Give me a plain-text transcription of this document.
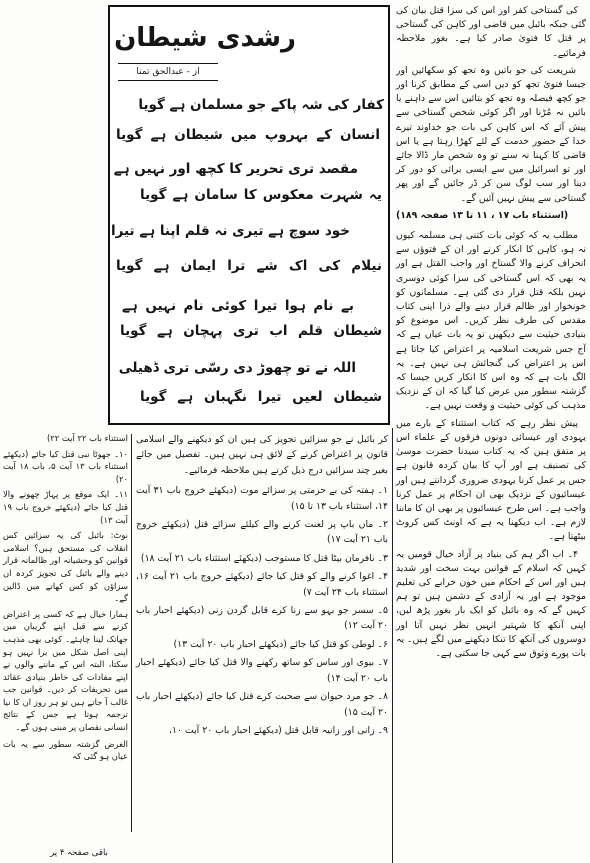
کی گستاخی کفر اور اس کی سزا قتل بیان کی گئی جبکہ بائبل میں قاضی اور کاہن کی گستاخی پر قتل کا فتویٰ صادر کیا ہے۔ بغور ملاحظہ فرمائیے۔

شریعت کی جو باتیں وہ تجھ کو سکھائیں اور جیسا فتویٰ تجھ کو دیں اسی کے مطابق کرنا اور جو کچھ فیصلہ وہ تجھ کو بتائیں اس سے داہنے یا بائیں نہ مُڑنا اور اگر کوئی شخص گستاخی سے پیش آئے کہ اس کاہن کی بات جو خداوند تیرے خدا کے حضور خدمت کے لئے کھڑا رہتا ہے یا اس قاضی کا کہنا نہ سنے تو وہ شخص مار ڈالا جائے اور تو اسرائیل میں سے ایسی برائی کو دور کر دینا اور سب لوگ سن کر ڈر جائیں گے اور پھر گستاخی سے پیش نہیں آئیں گے۔

(استثناء باب ۱۷ ، ۱۱ تا ۱۳ صفحہ ۱۸۹)

مطلب یہ کہ کوئی بات کتنی ہی مسلمہ کیوں نہ ہو، کاہن کا انکار کرنے اور ان کے فتوؤں سے انحراف کرنے والا گستاخ اور واجب القتل ہے اور یہ بھی کہ اس گستاخی کی سزا کوئی دوسری نہیں بلکہ قتل قرار دی گئی ہے۔ مسلمانوں کو خونخوار اور ظالم قرار دینے والے ذرا اپنی کتاب مقدس کی طرف نظر کریں۔ اس موضوع کو بنیادی حیثیت سے دیکھیں تو یہ بات عیاں ہے کہ آج جس شریعت اسلامیہ پر اعتراض کیا جاتا ہے اس پر اعتراض کی گنجائش ہی نہیں ہے۔ یہ الگ بات ہے کہ وہ اس کا انکار کریں جیسا کہ گزشتہ سطور میں عرض کیا گیا کہ ان کے نزدیک مذہب کی کوئی حیثیت و وقعت نہیں ہے۔

پیش نظر رہے کہ کتاب استثناء کے بارے میں یہودی اور عیسائی دونوں فرقوں کے علماء اس پر متفق ہیں کہ یہ کتاب سیدنا حضرت موسیٰ کی تصنیف ہے اور آپ کا بیان کردہ قانون ہے جس پر عمل کرنا یہودی ضروری گردانتے ہیں اور عیسائیوں کے نزدیک بھی ان احکام پر عمل کرنا واجب ہے۔ اس طرح عیسائیوں پر بھی ان کا ماننا لازم ہے۔ اب دیکھنا یہ ہے کہ اونٹ کس کروٹ بیٹھتا ہے۔

۴۔ اب اگر ہم کی بنیاد پر آزاد خیال قومیں یہ کہیں کہ اسلام کے قوانین بہت سخت اور شدید ہیں اور اس کے احکام میں خون خرابے کی تعلیم موجود ہے اور یہ آزادی کے دشمن ہیں تو ہم کہیں گے کہ وہ بائبل کو ایک بار بغور پڑھ لیں، اپنی آنکھ کا شہتیر انہیں نظر نہیں آتا اور دوسروں کی آنکھ کا تنکا دیکھنے میں لگے ہیں۔ یہ بات پورے وثوق سے کہی جا سکتی ہے۔

رشدی شیطان
از - عبدالحق تمنا
کفار کی شہ پاکے جو مسلمان ہے گویا
انسان کے بہروپ میں شیطان ہے گویا
مقصد تری تحریر کا کچھ اور نہیں ہے
یہ شہرت معکوس کا سامان ہے گویا
خود سوچ ہے تیری نہ قلم اپنا ہے تیرا
نیلام کی اک شے ترا ایمان ہے گویا
بے نام ہوا تیرا کوئی نام نہیں ہے
شیطان قلم اب تری پہچان ہے گویا
اللہ نے تو چھوڑ دی رسّی تری ڈھیلی
شیطان لعیں تیرا نگہبان ہے گویا

کر بائبل نے جو سزائیں تجویز کی ہیں ان کو دیکھنے والے اسلامی قانون پر اعتراض کرنے کے لائق ہی نہیں ہیں۔ تفصیل میں جائے بغیر چند سزائیں درج ذیل کرتے ہیں ملاحظہ فرمائیے۔

۱۔ ہفتہ کی بے حرمتی پر سزائے موت (دیکھئے خروج باب ۳۱ آیت ۱۴، استثناء باب ۱۳ تا ۱۵)

۲۔ ماں باپ پر لعنت کرنے والے کیلئے سزائے قتل (دیکھئے خروج باب ۲۱ آیت ۱۷)

۳۔ نافرمان بیٹا قتل کا مستوجب (دیکھئے استثناء باب ۲۱ آیت ۱۸)

۴۔ اغوا کرنے والے کو قتل کیا جائے (دیکھئے خروج باب ۲۱ آیت ۱۶، استثناء باب ۲۴ آیت ۷)

۵۔ سسر جو بہو سے زنا کرے قابل گردن زنی (دیکھئے احبار باب ۲۰ آیت ۱۲)

۶۔ لوطی کو قتل کیا جائے (دیکھئے احبار باب ۲۰ آیت ۱۳)

۷۔ بیوی اور ساس کو ساتھ رکھنے والا قتل کیا جائے (دیکھئے احبار باب ۲۰ آیت ۱۴)

۸۔ جو مرد حیوان سے صحبت کرے قتل کیا جائے (دیکھئے احبار باب ۲۰ آیت ۱۵)

۹۔ زانی اور زانیہ قابل قتل (دیکھئے احبار باب ۲۰ آیت ۱۰،

استثناء باب ۲۲ آیت ۲۲)

۱۰۔ جھوٹا نبی قتل کیا جائے (دیکھئے استثناء باب ۱۳ آیت ۵، باب ۱۸ آیت ۲۰)

۱۱۔ ایک موقع پر پہاڑ چھونے والا قتل کیا جائے (دیکھئے خروج باب ۱۹ آیت ۱۳)

نوٹ: بائبل کی یہ سزائیں کس انقلاب کی مستحق ہیں؟ اسلامی قوانین کو وحشیانہ اور ظالمانہ قرار دینے والے بائبل کی تجویز کردہ ان سزاؤں کو کس کھاتے میں ڈالیں گے۔

ہمارا خیال ہے کہ کسی پر اعتراض کرنے سے قبل اپنے گریبان میں جھانک لینا چاہئے۔ کوئی بھی مذہب اپنی اصل شکل میں برا نہیں ہو سکتا، البتہ اس کے ماننے والوں نے اپنے مفادات کی خاطر بنیادی عقائد میں تحریفات کر دیں۔ قوانین جب غالب آ جاتے ہیں تو ہر روز ان کا نیا ترجمہ ہوتا ہے جس کے نتائج انسانی نقصان پر مبنی ہوں گے۔

الغرض گزشتہ سطور سے یہ بات عیاں ہو گئی کہ

باقی صفحہ ۴ پر
